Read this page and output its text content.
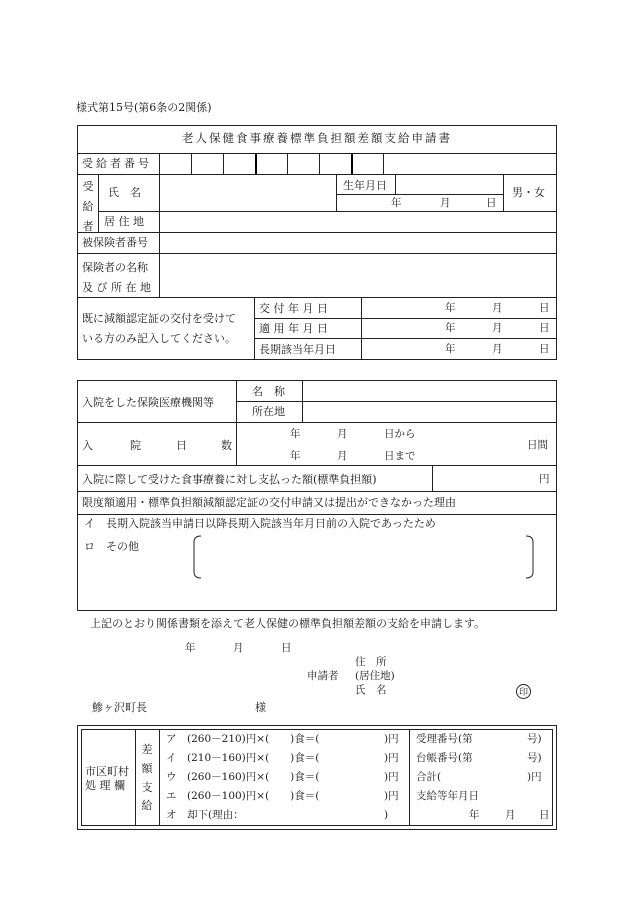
様式第15号(第6条の2関係)
老人保健食事療養標準負担額差額支給申請書
受給者番号
受
給
者
氏　名
生年月日
年	月	日
男・女
居 住 地
被保険者番号
保険者の名称
及 び 所 在 地
既に減額認定証の交付を受けて
いる方のみ記入してください。
交 付 年 月 日	年	月	日
適 用 年 月 日	年	月	日
長期該当年月日	年	月	日
入院をした保険医療機関等
名　称
所在地
入	院	日	数
年	月	日から
年	月	日まで
日間
入院に際して受けた食事療養に対し支払った額(標準負担額)	円
限度額適用・標準負担額減額認定証の交付申請又は提出ができなかった理由
イ　長期入院該当申請日以降長期入院該当年月日前の入院であったため
ロ　その他
上記のとおり関係書類を添えて老人保健の標準負担額差額の支給を申請します。
年	月	日
住　所
申請者 (居住地)
氏　名	印
鯵ヶ沢町長	様
市区町村
処 理 欄
差
額
支
給
ア (260－210)円×(　　)食＝(	)円
イ (210－160)円×(　　)食＝(	)円
ウ (260－160)円×(　　)食＝(	)円
エ (260－100)円×(　　)食＝(	)円
オ 却下(理由：	)
受理番号(第	号)
台帳番号(第	号)
合計(	)円
支給等年月日
年 月 日
